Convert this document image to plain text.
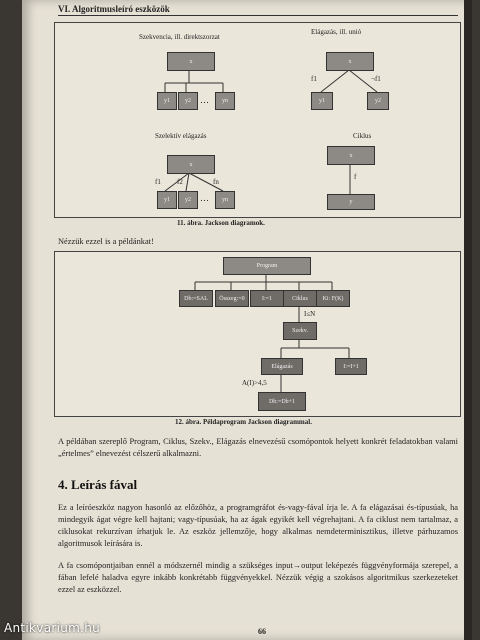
VI. Algoritmusleíró eszközök
Szekvencia, ill. direktszorzat
Elágazás, ill. unió
x
y1	y2	…	yn
x
f1	¬f1
y1	y2
Szelektív elágazás	Ciklus
x
f1 f2	fn
y1	y2	…	yn
x
f
y
11. ábra. Jackson diagramok.
Nézzük ezzel is a példánkat!
Program
Db:=SAL	Összeg:=0	I:=1	Ciklus	Ki: F(K)
I≤N
Szekv.
Elágazás	I:=I+1
A(I)>4,5
Db:=Db+1
12. ábra. Példaprogram Jackson diagrammal.
A példában szereplő Program, Ciklus, Szekv., Elágazás elnevezésű csomópontok helyett konkrét feladatokban valami „értelmes” elnevezést célszerű alkalmazni.
4. Leírás fával
Ez a leíróeszköz nagyon hasonló az előzőhöz, a programgráfot és-vagy-fával írja le. A fa elágazásai és-típusúak, ha mindegyik ágat végre kell hajtani; vagy-típusúak, ha az ágak egyikét kell végrehajtani. A fa ciklust nem tartalmaz, a ciklusokat rekurzívan írhatjuk le. Az eszköz jellemzője, hogy alkalmas nemdeterminisztikus, illetve párhuzamos algoritmusok leírására is.
A fa csomópontjaiban ennél a módszernél mindig a szükséges input→output leképezés függvényformája szerepel, a fában lefelé haladva egyre inkább konkrétabb függvényekkel. Nézzük végig a szokásos algoritmikus szerkezeteket ezzel az eszközzel.
66
Antikvarium.hu
